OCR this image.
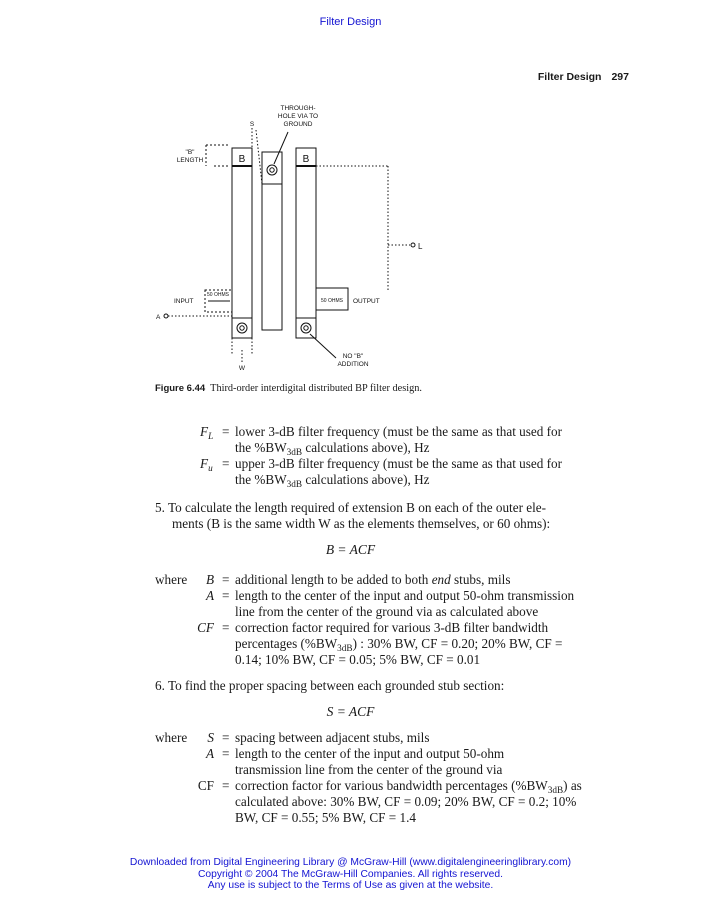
Filter Design
Filter Design 297
THROUGH-
HOLE VIA TO
GROUND
S
"B"
LENGTH	B	B
L
50 OHMS
INPUT
A
50 OHMS OUTPUT
W
NO "B"
ADDITION
Figure 6.44 Third-order interdigital distributed BP filter design.
$F_L$ = lower 3-dB filter frequency (must be the same as that used for
the $\%BW_{3dB}$ calculations above), Hz
$F_u$ = upper 3-dB filter frequency (must be the same as that used for
the $\%BW_{3dB}$ calculations above), Hz
5. To calculate the length required of extension B on each of the outer ele-
ments (B is the same width W as the elements themselves, or 60 ohms):
B = ACF
where	B = additional length to be added to both end stubs, mils
A = length to the center of the input and output 50-ohm transmission
line from the center of the ground via as calculated above
CF = correction factor required for various 3-dB filter bandwidth
percentages $(\%BW_{3dB})$ : 30% BW, CF = 0.20; 20% BW, CF =
0.14; 10% BW, CF = 0.05; 5% BW, CF = 0.01
6. To find the proper spacing between each grounded stub section:
S = ACF
where	S = spacing between adjacent stubs, mils
A = length to the center of the input and output 50-ohm
transmission line from the center of the ground via
CF = correction factor for various bandwidth percentages $(\%BW_{3dB})$ as
calculated above: 30% BW, CF = 0.09; 20% BW, CF = 0.2; 10%
BW, CF = 0.55; 5% BW, CF = 1.4
Downloaded from Digital Engineering Library @ McGraw-Hill (www.digitalengineeringlibrary.com)
Copyright © 2004 The McGraw-Hill Companies. All rights reserved.
Any use is subject to the Terms of Use as given at the website.
